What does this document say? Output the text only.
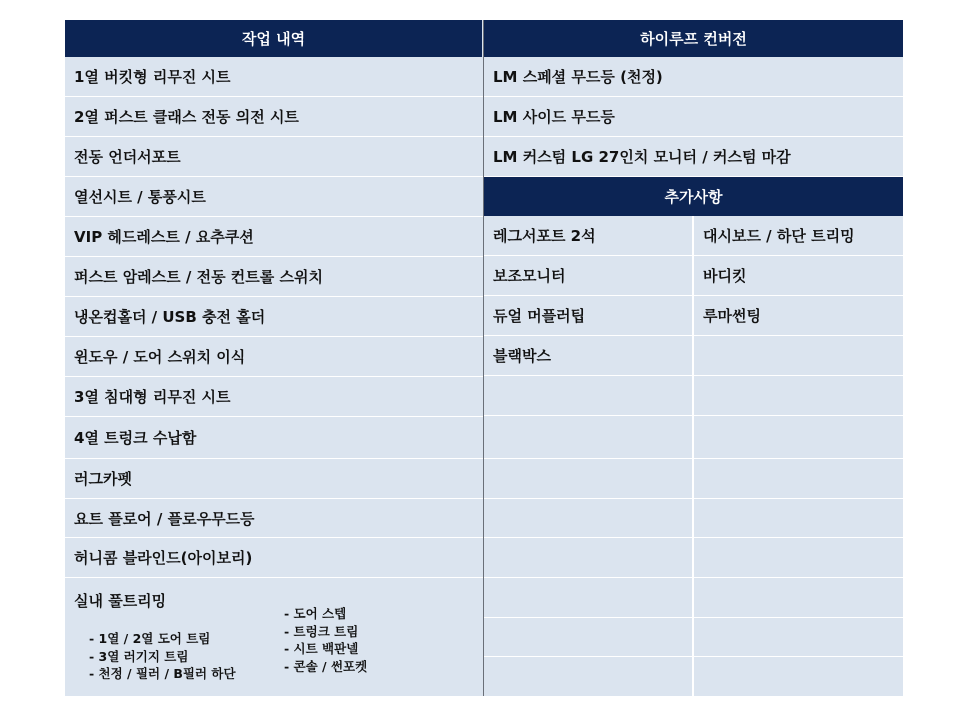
작업 내역	하이루프 컨버전
1열 버킷형 리무진 시트
2열 퍼스트 클래스 전동 의전 시트
전동 언더서포트
열선시트 / 통풍시트
VIP 헤드레스트 / 요추쿠션
퍼스트 암레스트 / 전동 컨트롤 스위치
냉온컵홀더 / USB 충전 홀더
윈도우 / 도어 스위치 이식
3열 침대형 리무진 시트
4열 트렁크 수납함
러그카펫
요트 플로어 / 플로우무드등
허니콤 블라인드(아이보리)
실내 풀트리밍
- 1열 / 2열 도어 트림
- 3열 러기지 트림
- 천정 / 필러 / B필러 하단
- 도어 스텝
- 트렁크 트림
- 시트 백판넬
- 콘솔 / 썬포켓
LM 스페셜 무드등 (천정)
LM 사이드 무드등
LM 커스텀 LG 27인치 모니터 / 커스텀 마감
추가사항
레그서포트 2석
보조모니터
듀얼 머플러팁
블랙박스
대시보드 / 하단 트리밍
바디킷
루마썬팅
